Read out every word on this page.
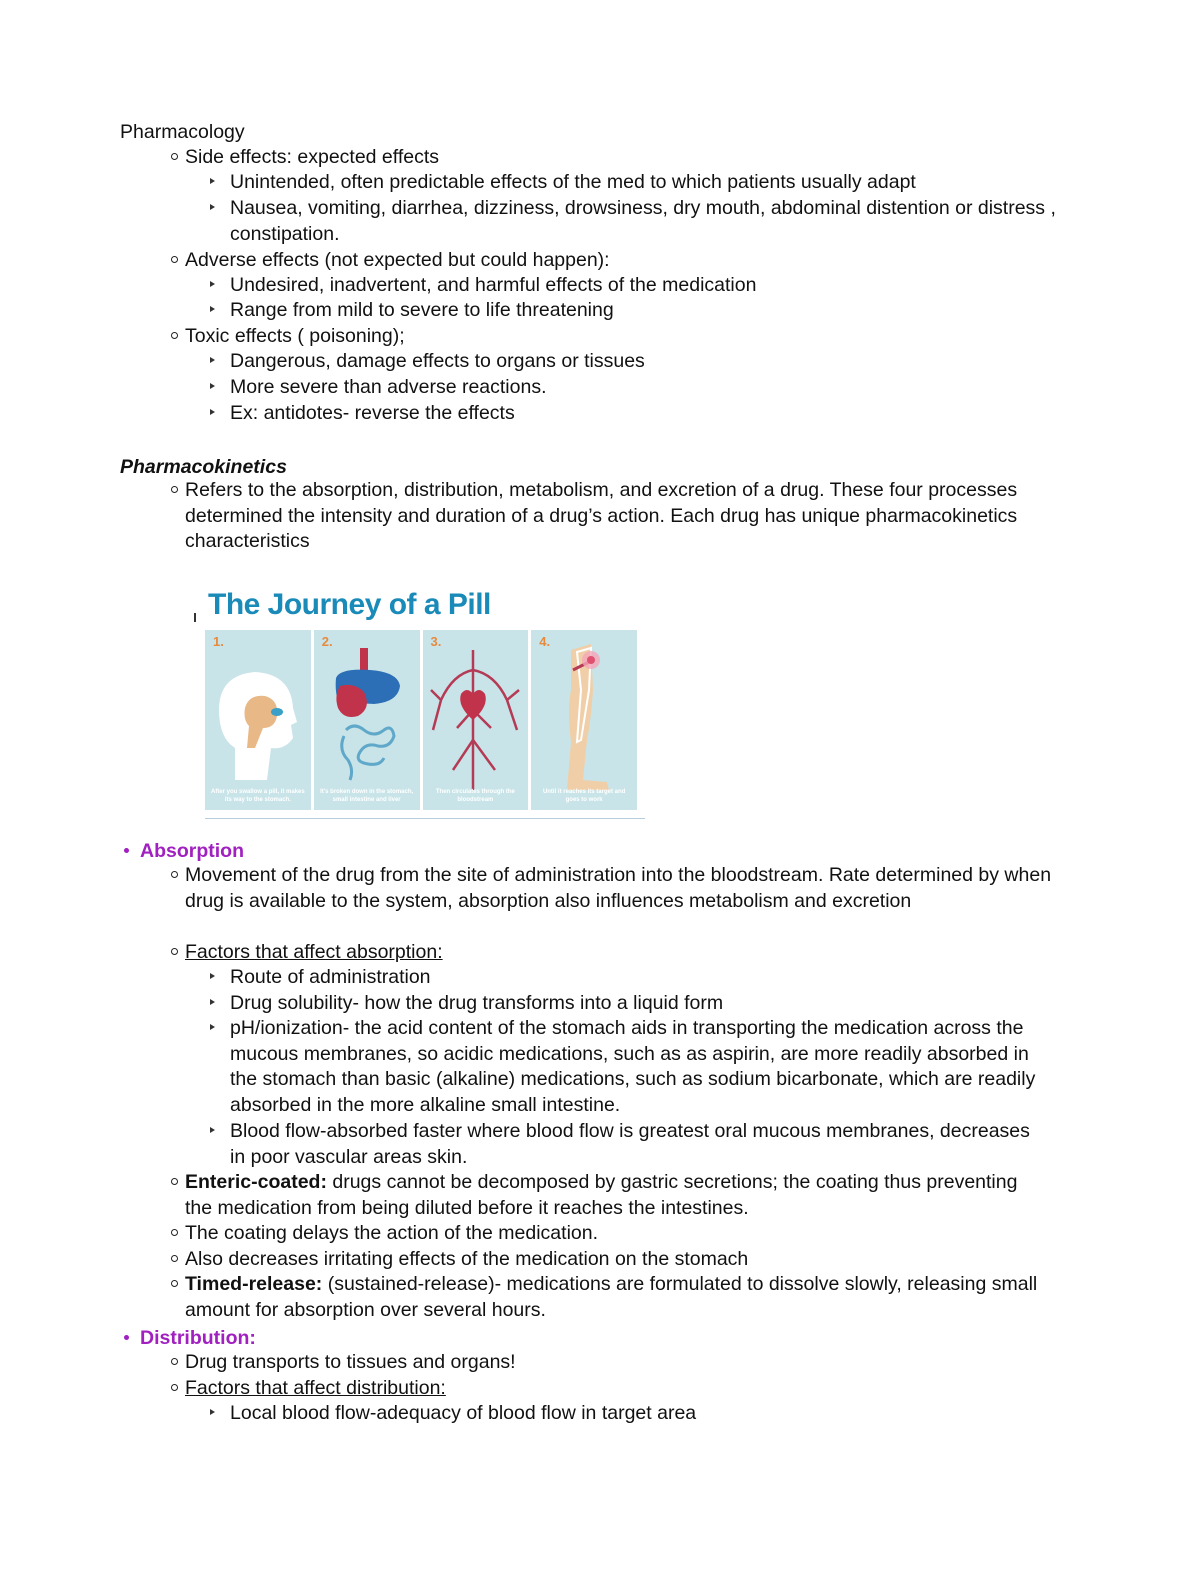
Pharmacology
Side effects: expected effects
Unintended, often predictable effects of the med to which patients usually adapt
Nausea, vomiting, diarrhea, dizziness, drowsiness, dry mouth, abdominal distention or distress , constipation.
Adverse effects (not expected but could happen):
Undesired, inadvertent, and harmful effects of the medication
Range from mild to severe to life threatening
Toxic effects ( poisoning);
Dangerous, damage effects to organs or tissues
More severe than adverse reactions.
Ex: antidotes- reverse the effects
Pharmacokinetics
Refers to the absorption, distribution, metabolism, and excretion of a drug. These four processes determined the intensity and duration of a drug’s action. Each drug has unique pharmacokinetics characteristics
The Journey of a Pill
1.
After you swallow a pill, it makes its way to the stomach.
2.
It's broken down in the stomach, small intestine and liver
3.
Then circulates through the bloodstream
4.
Until it reaches its target and goes to work
Absorption
Movement of the drug from the site of administration into the bloodstream. Rate determined by when drug is available to the system, absorption also influences metabolism and excretion
Factors that affect absorption:
Route of administration
Drug solubility- how the drug transforms into a liquid form
pH/ionization- the acid content of the stomach aids in transporting the medication across the mucous membranes, so acidic medications, such as as aspirin, are more readily absorbed in the stomach than basic (alkaline) medications, such as sodium bicarbonate, which are readily absorbed in the more alkaline small intestine.
Blood flow-absorbed faster where blood flow is greatest oral mucous membranes, decreases in poor vascular areas skin.
Enteric-coated: drugs cannot be decomposed by gastric secretions; the coating thus preventing the medication from being diluted before it reaches the intestines.
The coating delays the action of the medication.
Also decreases irritating effects of the medication on the stomach
Timed-release: (sustained-release)- medications are formulated to dissolve slowly, releasing small amount for absorption over several hours.
Distribution:
Drug transports to tissues and organs!
Factors that affect distribution:
Local blood flow-adequacy of blood flow in target area
